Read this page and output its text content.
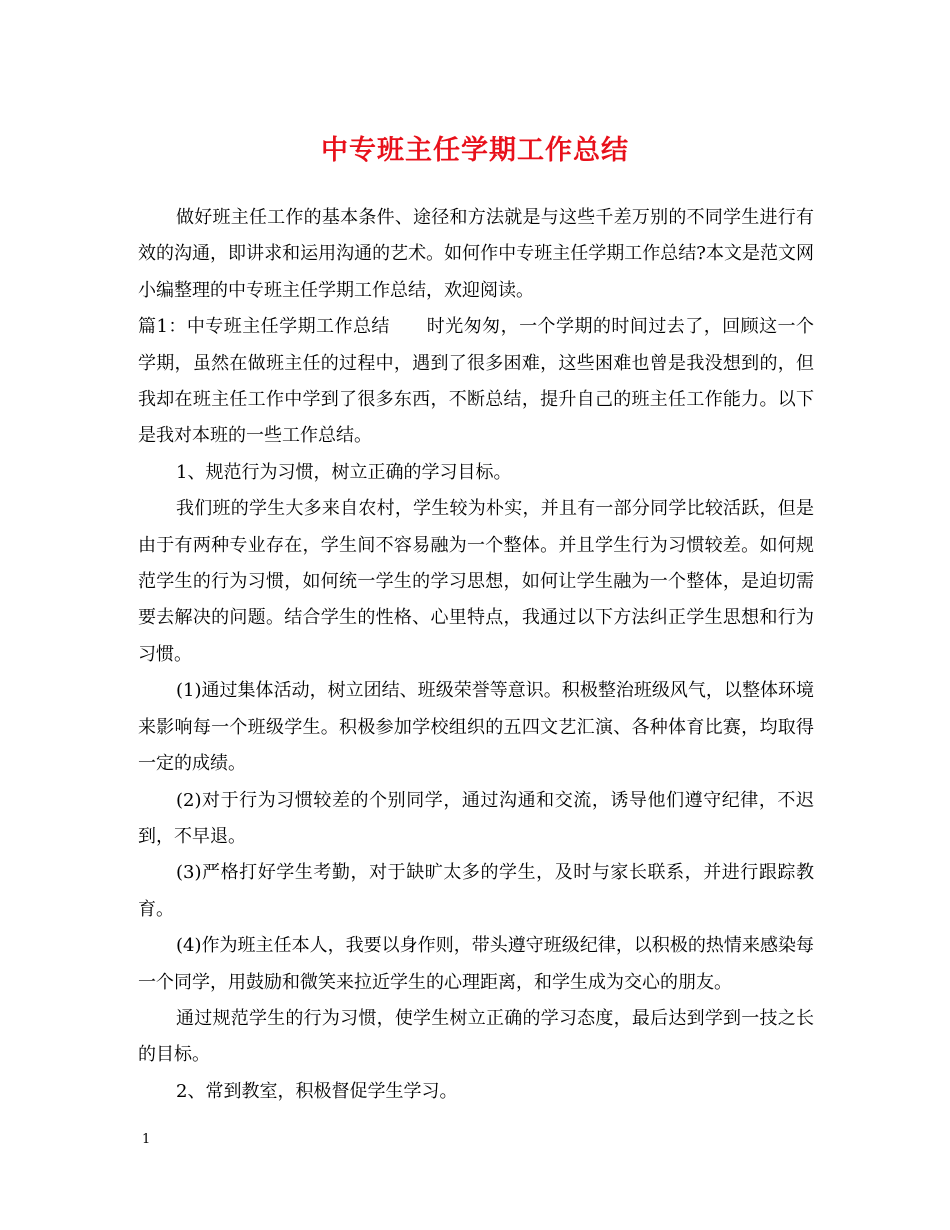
中专班主任学期工作总结

做好班主任工作的基本条件、途径和方法就是与这些千差万别的不同学生进行有效的沟通，即讲求和运用沟通的艺术。如何作中专班主任学期工作总结?本文是范文网小编整理的中专班主任学期工作总结，欢迎阅读。

篇1：中专班主任学期工作总结　　时光匆匆，一个学期的时间过去了，回顾这一个学期，虽然在做班主任的过程中，遇到了很多困难，这些困难也曾是我没想到的，但我却在班主任工作中学到了很多东西，不断总结，提升自己的班主任工作能力。以下是我对本班的一些工作总结。

1、规范行为习惯，树立正确的学习目标。

我们班的学生大多来自农村，学生较为朴实，并且有一部分同学比较活跃，但是由于有两种专业存在，学生间不容易融为一个整体。并且学生行为习惯较差。如何规范学生的行为习惯，如何统一学生的学习思想，如何让学生融为一个整体，是迫切需要去解决的问题。结合学生的性格、心里特点，我通过以下方法纠正学生思想和行为习惯。

(1)通过集体活动，树立团结、班级荣誉等意识。积极整治班级风气，以整体环境来影响每一个班级学生。积极参加学校组织的五四文艺汇演、各种体育比赛，均取得一定的成绩。

(2)对于行为习惯较差的个别同学，通过沟通和交流，诱导他们遵守纪律，不迟到，不早退。

(3)严格打好学生考勤，对于缺旷太多的学生，及时与家长联系，并进行跟踪教育。

(4)作为班主任本人，我要以身作则，带头遵守班级纪律，以积极的热情来感染每一个同学，用鼓励和微笑来拉近学生的心理距离，和学生成为交心的朋友。

通过规范学生的行为习惯，使学生树立正确的学习态度，最后达到学到一技之长的目标。

2、常到教室，积极督促学生学习。

1
